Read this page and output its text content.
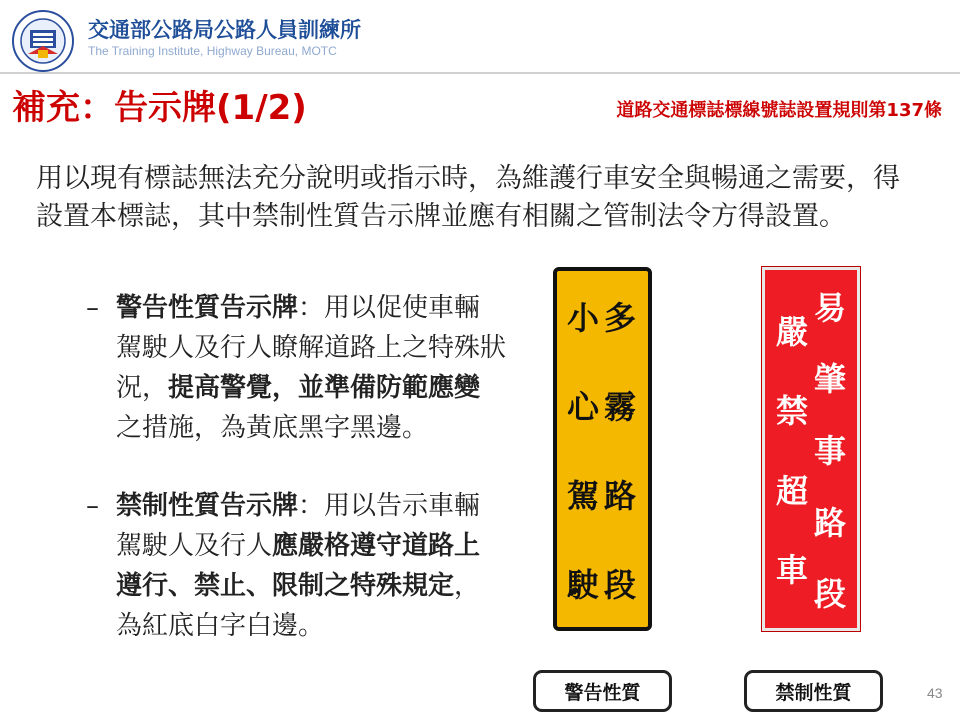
交通部公路局公路人員訓練所
The Training Institute, Highway Bureau, MOTC
補充：告示牌(1/2)	道路交通標誌標線號誌設置規則第137條
用以現有標誌無法充分說明或指示時，為維護行車安全與暢通之需要，得設置本標誌，其中禁制性質告示牌並應有相關之管制法令方得設置。
– 警告性質告示牌：用以促使車輛駕駛人及行人瞭解道路上之特殊狀況，提高警覺，並準備防範應變之措施，為黃底黑字黑邊。
– 禁制性質告示牌：用以告示車輛駕駛人及行人應嚴格遵守道路上遵行、禁止、限制之特殊規定，為紅底白字白邊。
多
霧
路
段
小
心
駕
駛
易
肇
事
路
段
嚴
禁
超
車
警告性質	禁制性質	43
